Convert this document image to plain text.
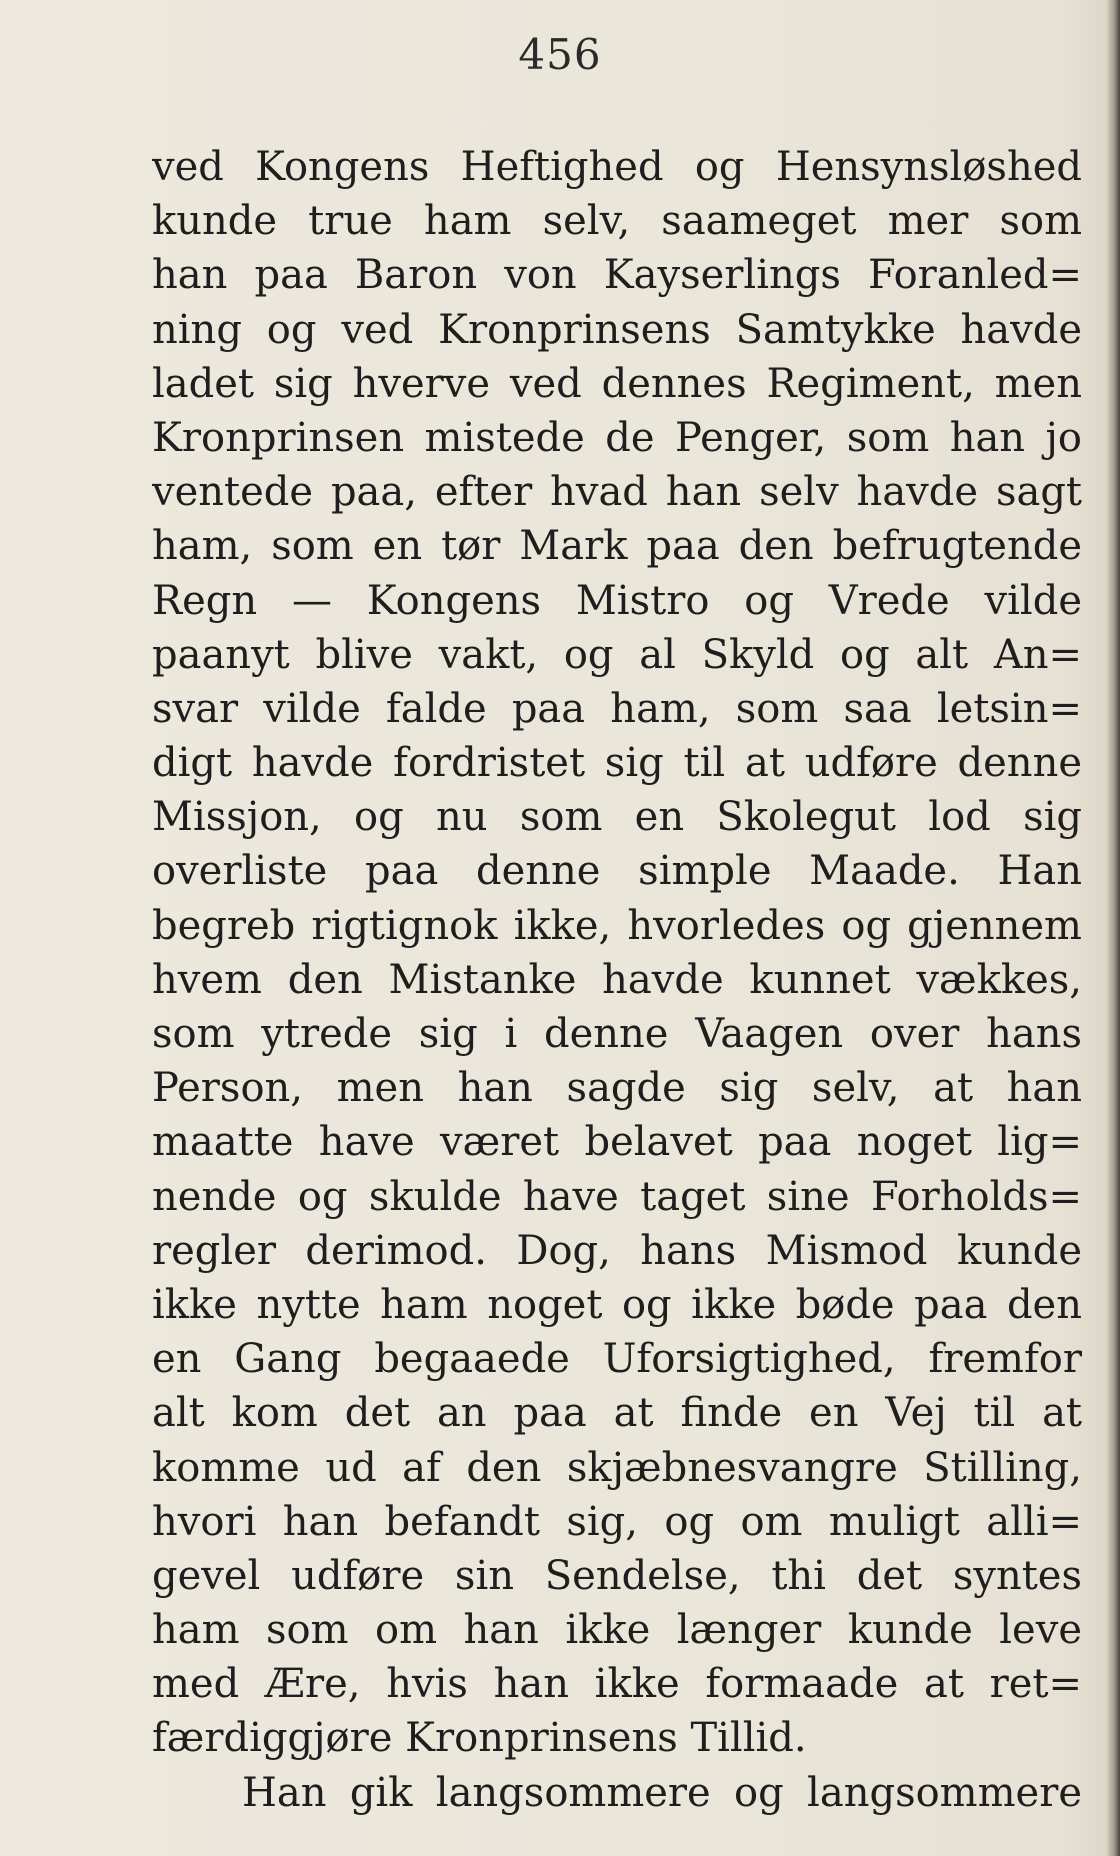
456
ved Kongens Heftighed og Hensynsløshed
kunde true ham selv, saameget mer som
han paa Baron von Kayserlings Foranled=
ning og ved Kronprinsens Samtykke havde
ladet sig hverve ved dennes Regiment, men
Kronprinsen mistede de Penger, som han jo
ventede paa, efter hvad han selv havde sagt
ham, som en tør Mark paa den befrugtende
Regn — Kongens Mistro og Vrede vilde
paanyt blive vakt, og al Skyld og alt An=
svar vilde falde paa ham, som saa letsin=
digt havde fordristet sig til at udføre denne
Missjon, og nu som en Skolegut lod sig
overliste paa denne simple Maade. Han
begreb rigtignok ikke, hvorledes og gjennem
hvem den Mistanke havde kunnet vækkes,
som ytrede sig i denne Vaagen over hans
Person, men han sagde sig selv, at han
maatte have været belavet paa noget lig=
nende og skulde have taget sine Forholds=
regler derimod. Dog, hans Mismod kunde
ikke nytte ham noget og ikke bøde paa den
en Gang begaaede Uforsigtighed, fremfor
alt kom det an paa at finde en Vej til at
komme ud af den skjæbnesvangre Stilling,
hvori han befandt sig, og om muligt alli=
gevel udføre sin Sendelse, thi det syntes
ham som om han ikke længer kunde leve
med Ære, hvis han ikke formaade at ret=
færdiggjøre Kronprinsens Tillid.
Han gik langsommere og langsommere
